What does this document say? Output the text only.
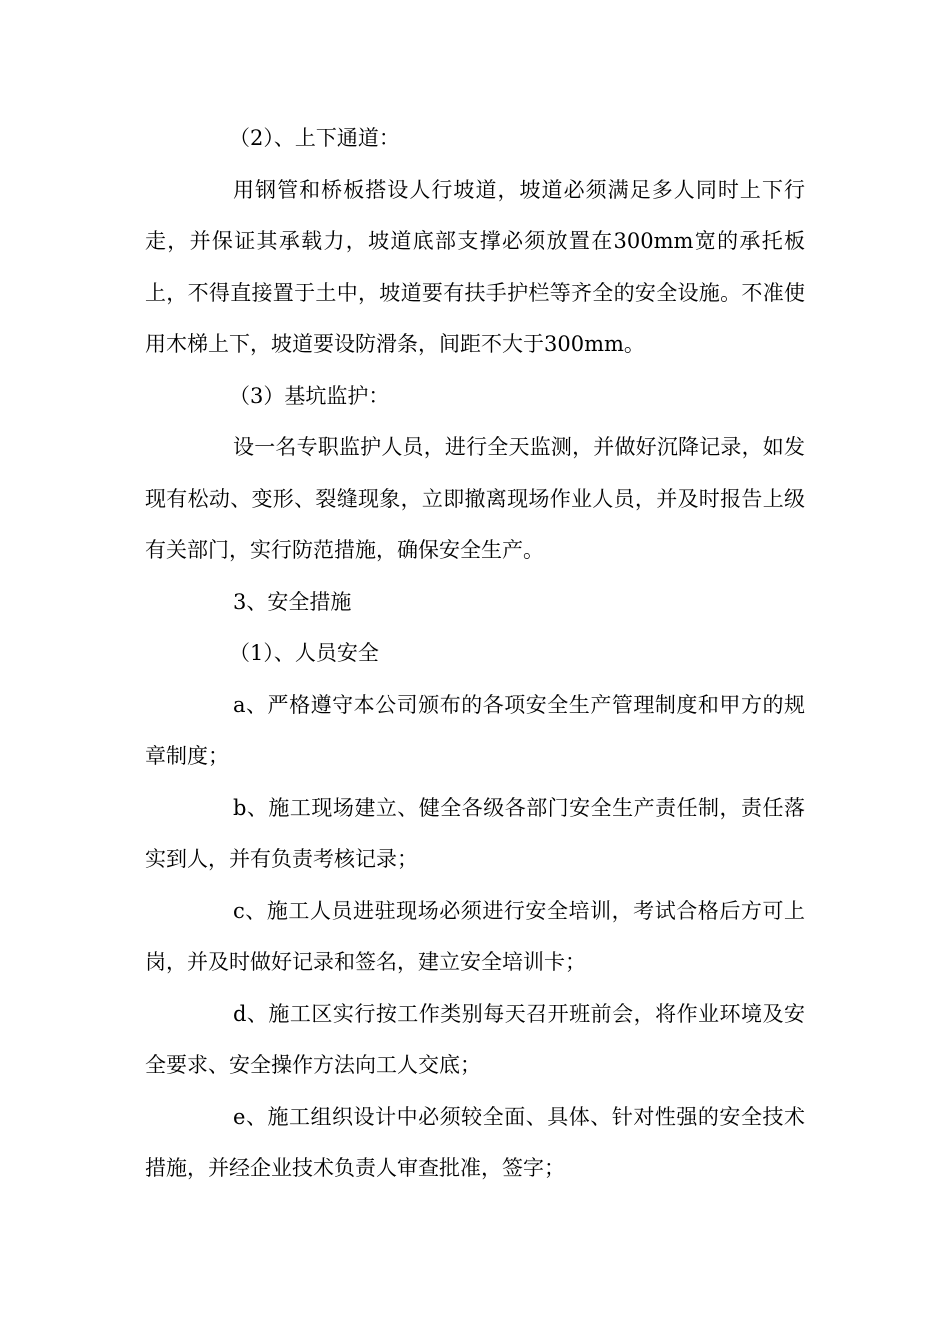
（2）、上下通道：

用钢管和桥板搭设人行坡道，坡道必须满足多人同时上下行走，并保证其承载力，坡道底部支撑必须放置在300mm宽的承托板上，不得直接置于土中，坡道要有扶手护栏等齐全的安全设施。不准使用木梯上下，坡道要设防滑条，间距不大于300mm。

（3）基坑监护：

设一名专职监护人员，进行全天监测，并做好沉降记录，如发现有松动、变形、裂缝现象，立即撤离现场作业人员，并及时报告上级有关部门，实行防范措施，确保安全生产。

3、安全措施

（1）、人员安全

a、严格遵守本公司颁布的各项安全生产管理制度和甲方的规章制度；

b、施工现场建立、健全各级各部门安全生产责任制，责任落实到人，并有负责考核记录；

c、施工人员进驻现场必须进行安全培训，考试合格后方可上岗，并及时做好记录和签名，建立安全培训卡；

d、施工区实行按工作类别每天召开班前会，将作业环境及安全要求、安全操作方法向工人交底；

e、施工组织设计中必须较全面、具体、针对性强的安全技术措施，并经企业技术负责人审查批准，签字；
